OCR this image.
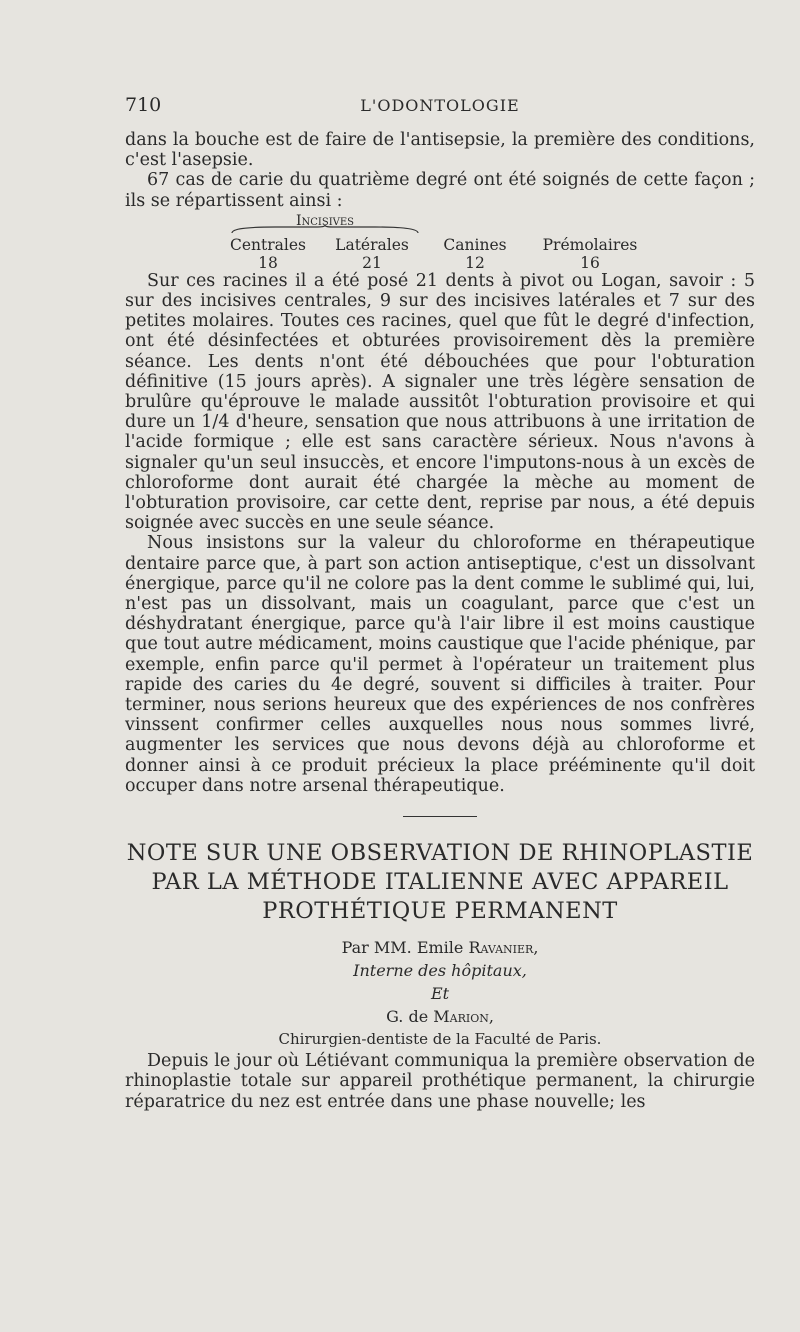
710	L'ODONTOLOGIE

dans la bouche est de faire de l'antisepsie, la première des conditions, c'est l'asepsie.

67 cas de carie du quatrième degré ont été soignés de cette façon ; ils se répartissent ainsi :

Incisives
Centrales	Latérales	Canines	Prémolaires
18	21	12	16

Sur ces racines il a été posé 21 dents à pivot ou Logan, savoir : 5 sur des incisives centrales, 9 sur des incisives latérales et 7 sur des petites molaires. Toutes ces racines, quel que fût le degré d'infection, ont été désinfectées et obturées provisoirement dès la première séance. Les dents n'ont été débouchées que pour l'obturation définitive (15 jours après). A signaler une très légère sensation de brulûre qu'éprouve le malade aussitôt l'obturation provisoire et qui dure un 1/4 d'heure, sensation que nous attribuons à une irritation de l'acide formique ; elle est sans caractère sérieux. Nous n'avons à signaler qu'un seul insuccès, et encore l'imputons-nous à un excès de chloroforme dont aurait été chargée la mèche au moment de l'obturation provisoire, car cette dent, reprise par nous, a été depuis soignée avec succès en une seule séance.

Nous insistons sur la valeur du chloroforme en thérapeutique dentaire parce que, à part son action antiseptique, c'est un dissolvant énergique, parce qu'il ne colore pas la dent comme le sublimé qui, lui, n'est pas un dissolvant, mais un coagulant, parce que c'est un déshydratant énergique, parce qu'à l'air libre il est moins caustique que tout autre médicament, moins caustique que l'acide phénique, par exemple, enfin parce qu'il permet à l'opérateur un traitement plus rapide des caries du 4e degré, souvent si difficiles à traiter. Pour terminer, nous serions heureux que des expériences de nos confrères vinssent confirmer celles auxquelles nous nous sommes livré, augmenter les services que nous devons déjà au chloroforme et donner ainsi à ce produit précieux la place prééminente qu'il doit occuper dans notre arsenal thérapeutique.

NOTE SUR UNE OBSERVATION DE RHINOPLASTIE PAR LA MÉTHODE ITALIENNE AVEC APPAREIL PROTHÉTIQUE PERMANENT
Par MM. Emile Ravanier,
Interne des hôpitaux,
Et
G. de Marion,
Chirurgien-dentiste de la Faculté de Paris.

Depuis le jour où Létiévant communiqua la première observation de rhinoplastie totale sur appareil prothétique permanent, la chirurgie réparatrice du nez est entrée dans une phase nouvelle; les
